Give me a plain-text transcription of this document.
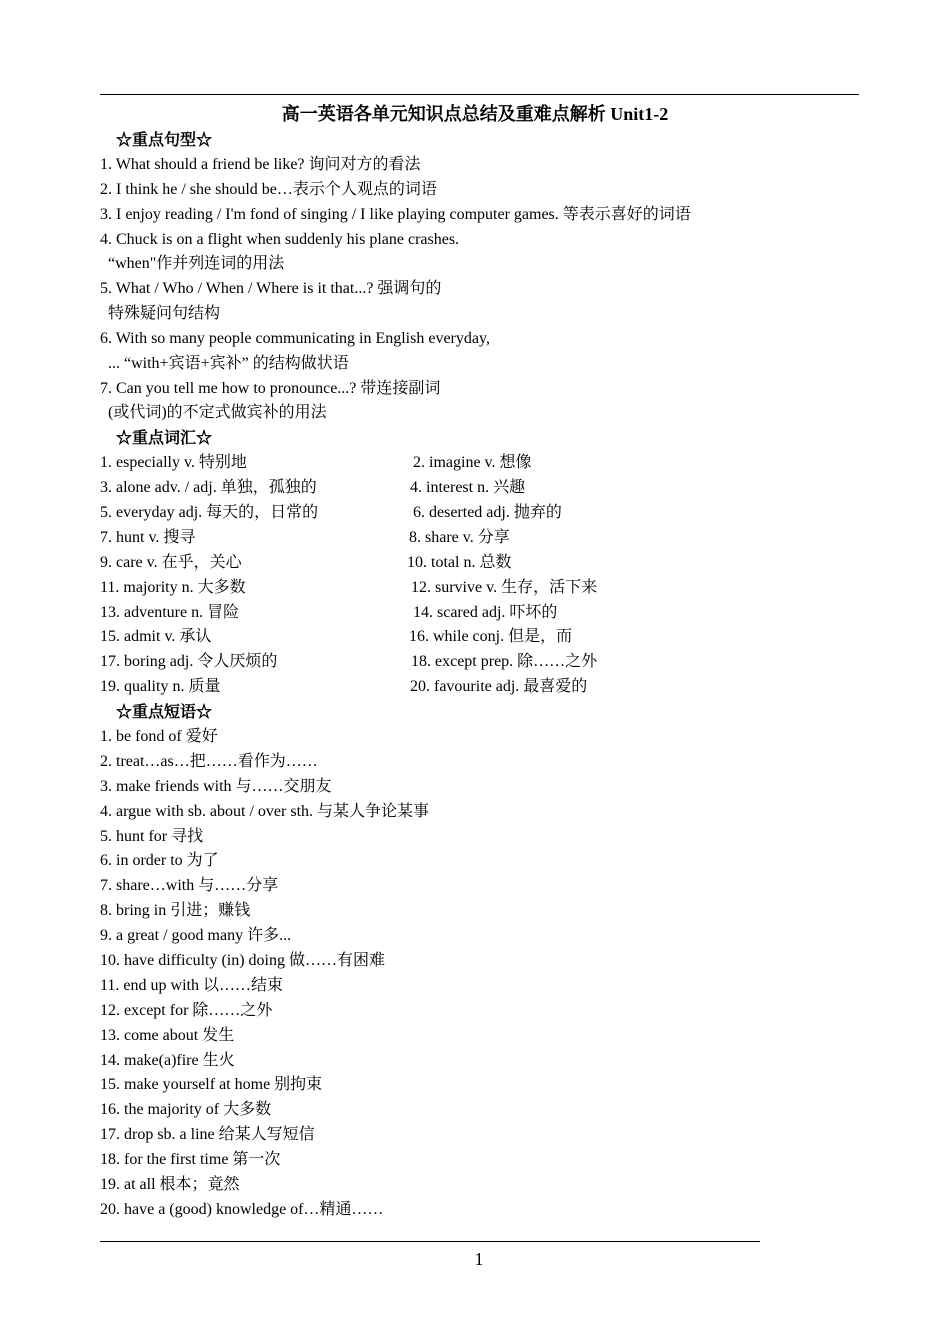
高一英语各单元知识点总结及重难点解析 Unit1-2
☆重点句型☆
1. What should a friend be like? 询问对方的看法
2. I think he / she should be…表示个人观点的词语
3. I enjoy reading / I'm fond of singing / I like playing computer games. 等表示喜好的词语
4. Chuck is on a flight when suddenly his plane crashes.
“when"作并列连词的用法
5. What / Who / When / Where is it that...? 强调句的
特殊疑问句结构
6. With so many people communicating in English everyday,
... “with+宾语+宾补” 的结构做状语
7. Can you tell me how to pronounce...? 带连接副词
(或代词)的不定式做宾补的用法
☆重点词汇☆
1. especially v. 特别地	2. imagine v. 想像
3. alone adv. / adj. 单独，孤独的	4. interest n. 兴趣
5. everyday adj. 每天的，日常的	6. deserted adj. 抛弃的
7. hunt v. 搜寻	8. share v. 分享
9. care v. 在乎，关心	10. total n. 总数
11. majority n. 大多数	12. survive v. 生存，活下来
13. adventure n. 冒险	14. scared adj. 吓坏的
15. admit v. 承认	16. while conj. 但是，而
17. boring adj. 令人厌烦的	18. except prep. 除……之外
19. quality n. 质量	20. favourite adj. 最喜爱的
☆重点短语☆
1. be fond of 爱好
2. treat…as…把……看作为……
3. make friends with 与……交朋友
4. argue with sb. about / over sth. 与某人争论某事
5. hunt for 寻找
6. in order to 为了
7. share…with 与……分享
8. bring in 引进；赚钱
9. a great / good many 许多...
10. have difficulty (in) doing 做……有困难
11. end up with 以……结束
12. except for 除……之外
13. come about 发生
14. make(a)fire 生火
15. make yourself at home 别拘束
16. the majority of 大多数
17. drop sb. a line 给某人写短信
18. for the first time 第一次
19. at all 根本；竟然
20. have a (good) knowledge of…精通……
1
